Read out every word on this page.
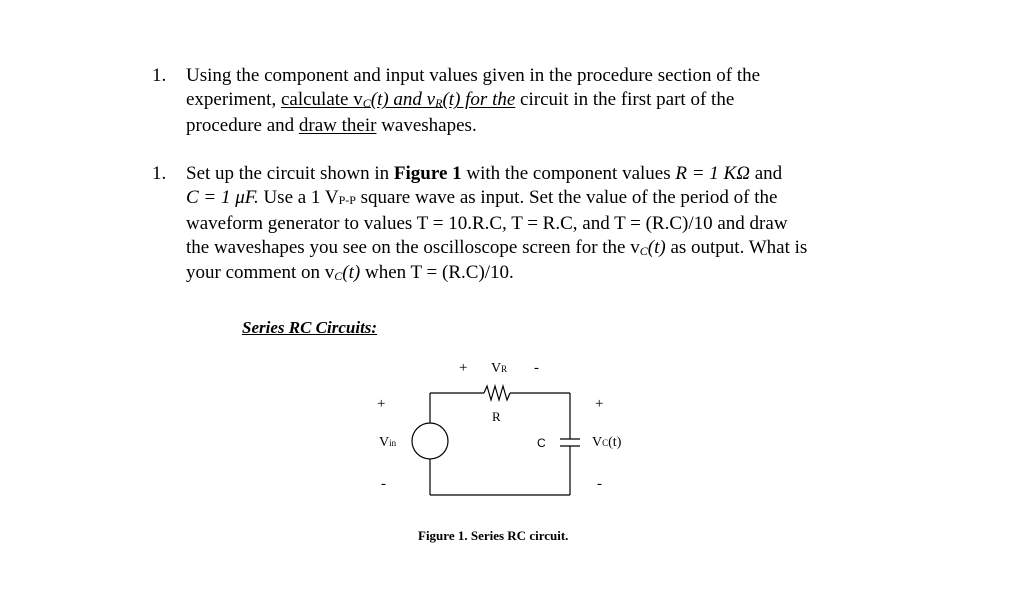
1. Using the component and input values given in the procedure section of the
experiment, calculate vC(t) and vR(t) for the circuit in the first part of the
procedure and draw their waveshapes.
1. Set up the circuit shown in Figure 1 with the component values R = 1 KΩ and
C = 1 μF. Use a 1 VP-P square wave as input. Set the value of the period of the
waveform generator to values T = 10.R.C, T = R.C, and T = (R.C)/10 and draw
the waveshapes you see on the oscilloscope screen for the vC(t) as output. What is
your comment on vC(t) when T = (R.C)/10.
Series RC Circuits:
+ VR -
R
+
Vin
-
C
+
VC(t)
-
Figure 1. Series RC circuit.
